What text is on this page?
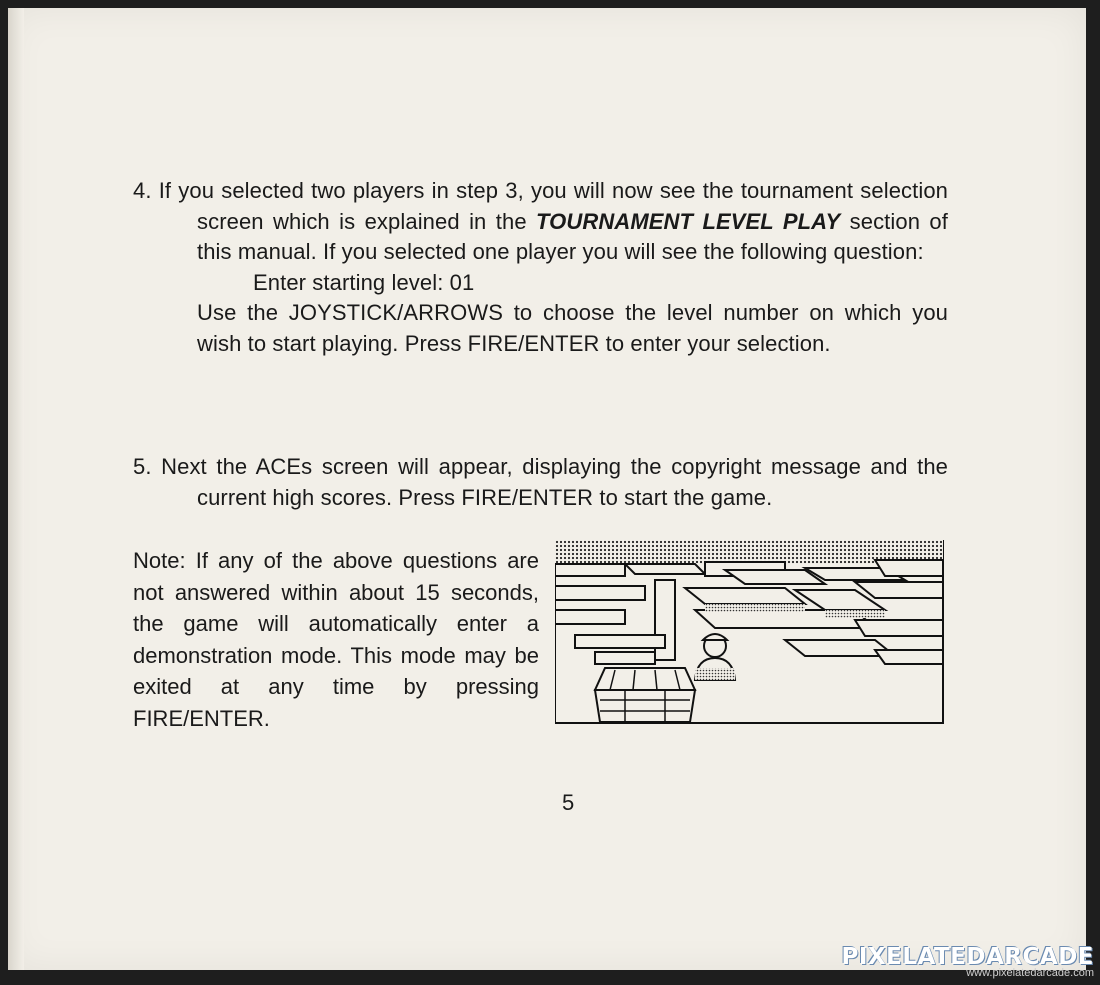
4. If you selected two players in step 3, you will now see the tournament selection screen which is explained in the TOURNAMENT LEVEL PLAY section of this manual. If you selected one player you will see the following question:

Enter starting level: 01

Use the JOYSTICK/ARROWS to choose the level number on which you wish to start playing. Press FIRE/ENTER to enter your selection.

5. Next the ACEs screen will appear, displaying the copyright message and the current high scores. Press FIRE/ENTER to start the game.

Note: If any of the above questions are not answered within about 15 seconds, the game will automatically enter a demonstration mode. This mode may be exited at any time by pressing FIRE/ENTER.
5
PIXELATEDARCADE
www.pixelatedarcade.com
